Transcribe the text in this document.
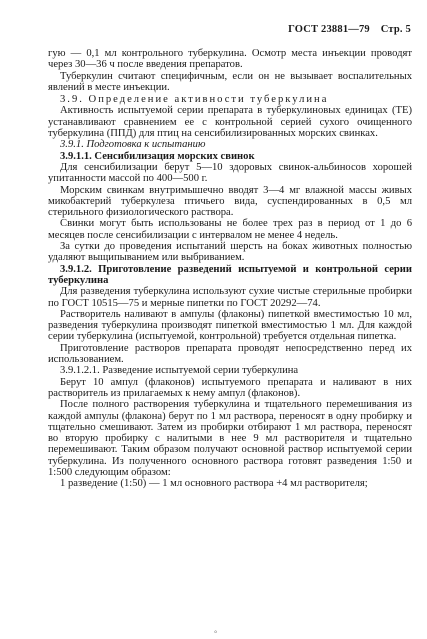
ГОСТ 23881—79 Стр. 5

гую — 0,1 мл контрольного туберкулина. Осмотр места инъекции проводят через 30—36 ч после введения препаратов.

Туберкулин считают специфичным, если он не вызывает воспалительных явлений в месте инъекции.

3.9. Определение активности туберкулина

Активность испытуемой серии препарата в туберкулиновых единицах (ТЕ) устанавливают сравнением ее с контрольной серией сухого очищенного туберкулина (ППД) для птиц на сенсибилизированных морских свинках.

3.9.1. Подготовка к испытанию

3.9.1.1. Сенсибилизация морских свинок

Для сенсибилизации берут 5—10 здоровых свинок-альбиносов хорошей упитанности массой по 400—500 г.

Морским свинкам внутримышечно вводят 3—4 мг влажной массы живых микобактерий туберкулеза птичьего вида, суспендированных в 0,5 мл стерильного физиологического раствора.

Свинки могут быть использованы не более трех раз в период от 1 до 6 месяцев после сенсибилизации с интервалом не менее 4 недель.

За сутки до проведения испытаний шерсть на боках животных полностью удаляют выщипыванием или выбриванием.

3.9.1.2. Приготовление разведений испытуемой и контрольной серии туберкулина

Для разведения туберкулина используют сухие чистые стерильные пробирки по ГОСТ 10515—75 и мерные пипетки по ГОСТ 20292—74.

Растворитель наливают в ампулы (флаконы) пипеткой вместимостью 10 мл, разведения туберкулина производят пипеткой вместимостью 1 мл. Для каждой серии туберкулина (испытуемой, контрольной) требуется отдельная пипетка.

Приготовление растворов препарата проводят непосредственно перед их использованием.

3.9.1.2.1. Разведение испытуемой серии туберкулина

Берут 10 ампул (флаконов) испытуемого препарата и наливают в них растворитель из прилагаемых к нему ампул (флаконов).

После полного растворения туберкулина и тщательного перемешивания из каждой ампулы (флакона) берут по 1 мл раствора, переносят в одну пробирку и тщательно смешивают. Затем из пробирки отбирают 1 мл раствора, переносят во вторую пробирку с налитыми в нее 9 мл растворителя и тщательно перемешивают. Таким образом получают основной раствор испытуемой серии туберкулина. Из полученного основного раствора готовят разведения 1:50 и 1:500 следующим образом:

1 разведение (1:50) — 1 мл основного раствора +4 мл растворителя;

°
